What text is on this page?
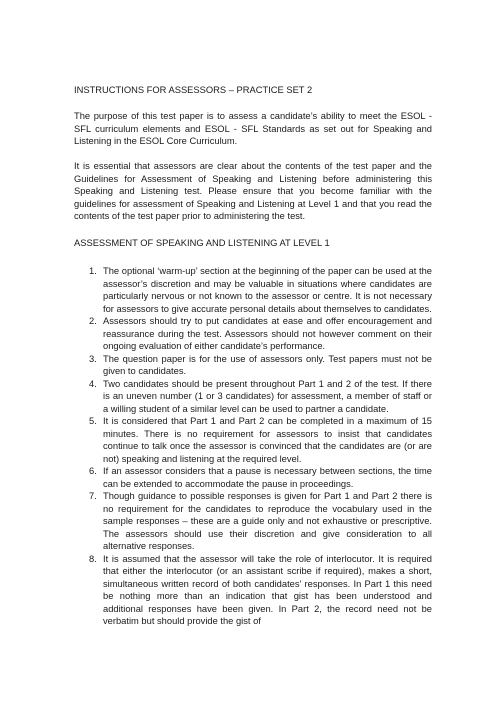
INSTRUCTIONS FOR ASSESSORS – PRACTICE SET 2

The purpose of this test paper is to assess a candidate’s ability to meet the ESOL - SFL curriculum elements and ESOL - SFL Standards as set out for Speaking and Listening in the ESOL Core Curriculum.

It is essential that assessors are clear about the contents of the test paper and the Guidelines for Assessment of Speaking and Listening before administering this Speaking and Listening test. Please ensure that you become familiar with the guidelines for assessment of Speaking and Listening at Level 1 and that you read the contents of the test paper prior to administering the test.

ASSESSMENT OF SPEAKING AND LISTENING AT LEVEL 1
1. The optional ‘warm-up’ section at the beginning of the paper can be used at the assessor’s discretion and may be valuable in situations where candidates are particularly nervous or not known to the assessor or centre. It is not necessary for assessors to give accurate personal details about themselves to candidates.
2. Assessors should try to put candidates at ease and offer encouragement and reassurance during the test. Assessors should not however comment on their ongoing evaluation of either candidate’s performance.
3. The question paper is for the use of assessors only. Test papers must not be given to candidates.
4. Two candidates should be present throughout Part 1 and 2 of the test. If there is an uneven number (1 or 3 candidates) for assessment, a member of staff or a willing student of a similar level can be used to partner a candidate.
5. It is considered that Part 1 and Part 2 can be completed in a maximum of 15 minutes. There is no requirement for assessors to insist that candidates continue to talk once the assessor is convinced that the candidates are (or are not) speaking and listening at the required level.
6. If an assessor considers that a pause is necessary between sections, the time can be extended to accommodate the pause in proceedings.
7. Though guidance to possible responses is given for Part 1 and Part 2 there is no requirement for the candidates to reproduce the vocabulary used in the sample responses – these are a guide only and not exhaustive or prescriptive. The assessors should use their discretion and give consideration to all alternative responses.
8. It is assumed that the assessor will take the role of interlocutor. It is required that either the interlocutor (or an assistant scribe if required), makes a short, simultaneous written record of both candidates’ responses. In Part 1 this need be nothing more than an indication that gist has been understood and additional responses have been given. In Part 2, the record need not be verbatim but should provide the gist of
